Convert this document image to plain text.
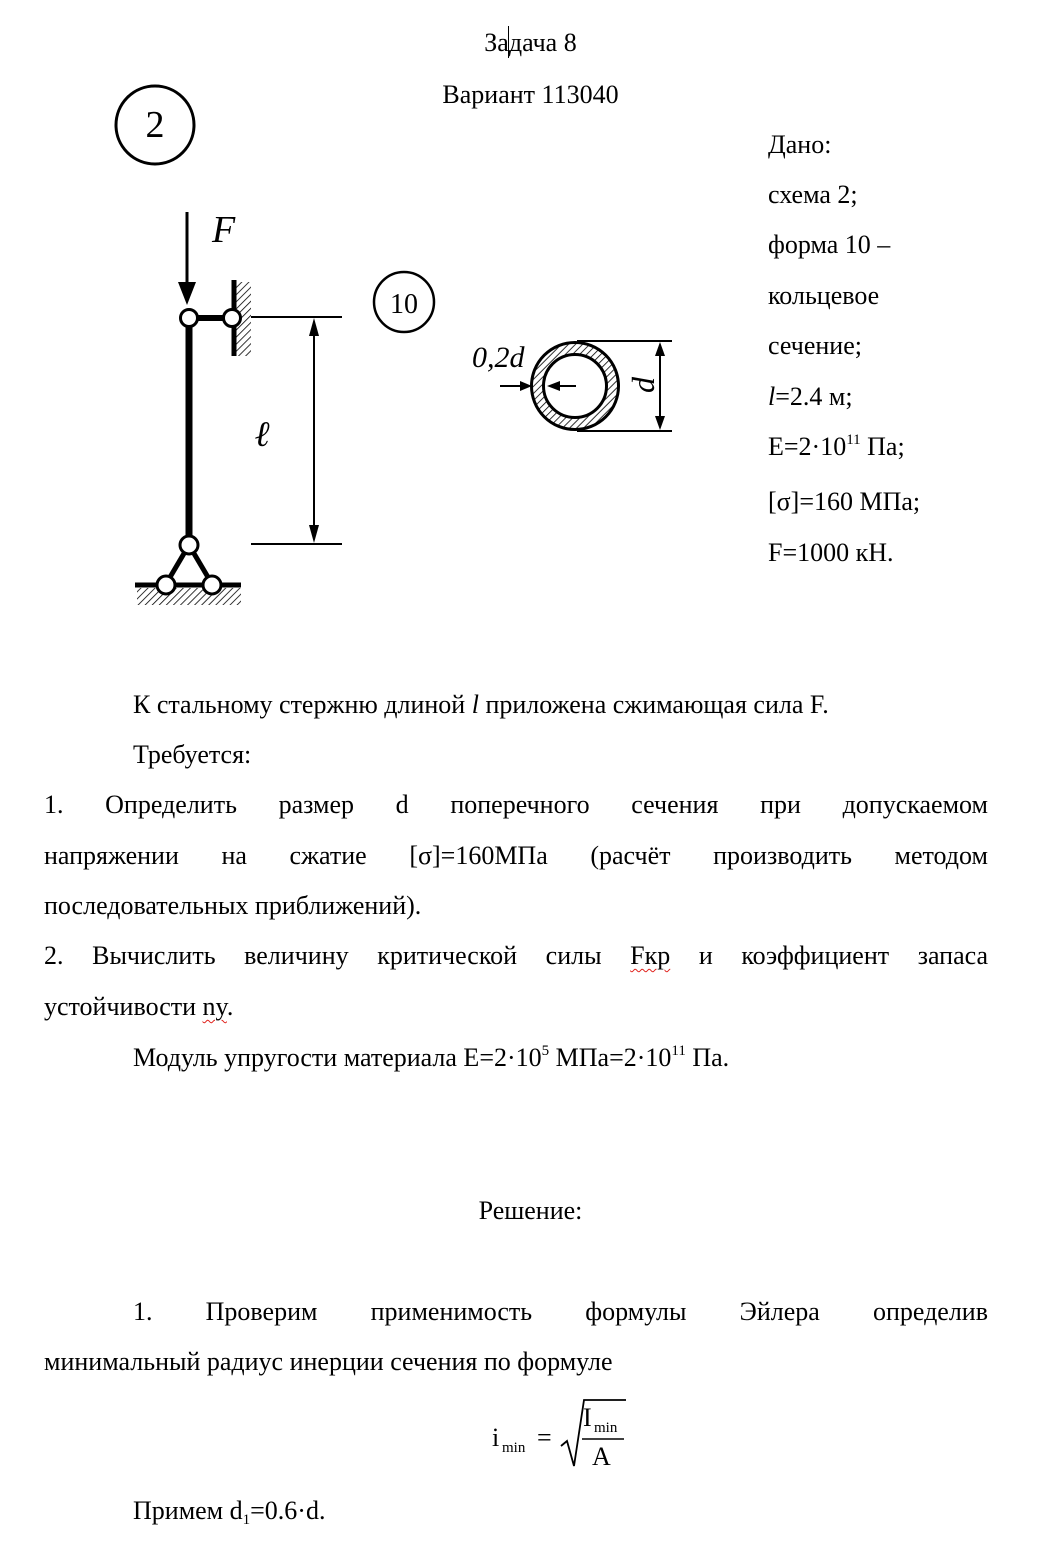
Задача 8
Вариант 113040
2
F
ℓ
10
0,2d
d
Дано:
схема 2;
форма 10 –
кольцевое
сечение;
l=2.4 м;
$E=2\cdot 10^{11}$ Па;
[σ]=160 МПа;
F=1000 кН.
К стальному стержню длиной l приложена сжимающая сила F.
Требуется:
1. Определить размер d поперечного сечения при допускаемом
напряжении на сжатие [σ]=160МПа (расчёт производить методом
последовательных приближений).
2. Вычислить величину критической силы Fкр и коэффициент запаса
устойчивости ny.
Модуль упругости материала $E=2\cdot 10^5$ $МПа=2\cdot 10^{11}$ Па.
Решение:
1. Проверим применимость формулы Эйлера определив
минимальный радиус инерции сечения по формуле
i min =
I min
A
Примем $d_1=0.6\cdot d$.
